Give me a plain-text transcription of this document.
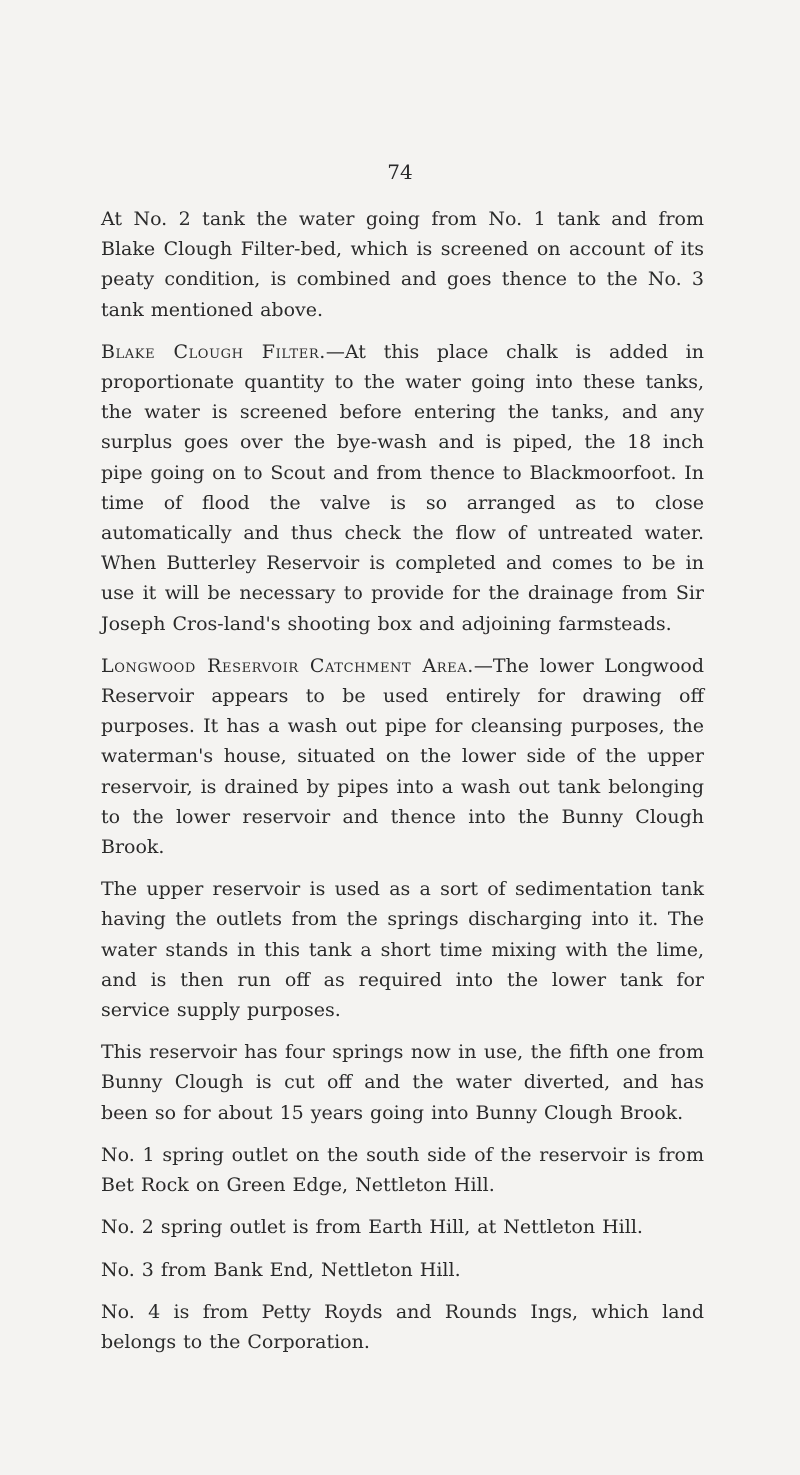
74

At No. 2 tank the water going from No. 1 tank and from Blake Clough Filter-bed, which is screened on account of its peaty condition, is combined and goes thence to the No. 3 tank mentioned above.

Blake Clough Filter.—At this place chalk is added in proportionate quantity to the water going into these tanks, the water is screened before entering the tanks, and any surplus goes over the bye-wash and is piped, the 18 inch pipe going on to Scout and from thence to Blackmoorfoot. In time of flood the valve is so arranged as to close automatically and thus check the flow of untreated water. When Butterley Reservoir is completed and comes to be in use it will be necessary to provide for the drainage from Sir Joseph Cros-land's shooting box and adjoining farmsteads.

Longwood Reservoir Catchment Area.—The lower Longwood Reservoir appears to be used entirely for drawing off purposes. It has a wash out pipe for cleansing purposes, the waterman's house, situated on the lower side of the upper reservoir, is drained by pipes into a wash out tank belonging to the lower reservoir and thence into the Bunny Clough Brook.

The upper reservoir is used as a sort of sedimentation tank having the outlets from the springs discharging into it. The water stands in this tank a short time mixing with the lime, and is then run off as required into the lower tank for service supply purposes.

This reservoir has four springs now in use, the fifth one from Bunny Clough is cut off and the water diverted, and has been so for about 15 years going into Bunny Clough Brook.

No. 1 spring outlet on the south side of the reservoir is from Bet Rock on Green Edge, Nettleton Hill.

No. 2 spring outlet is from Earth Hill, at Nettleton Hill.

No. 3 from Bank End, Nettleton Hill.

No. 4 is from Petty Royds and Rounds Ings, which land belongs to the Corporation.
